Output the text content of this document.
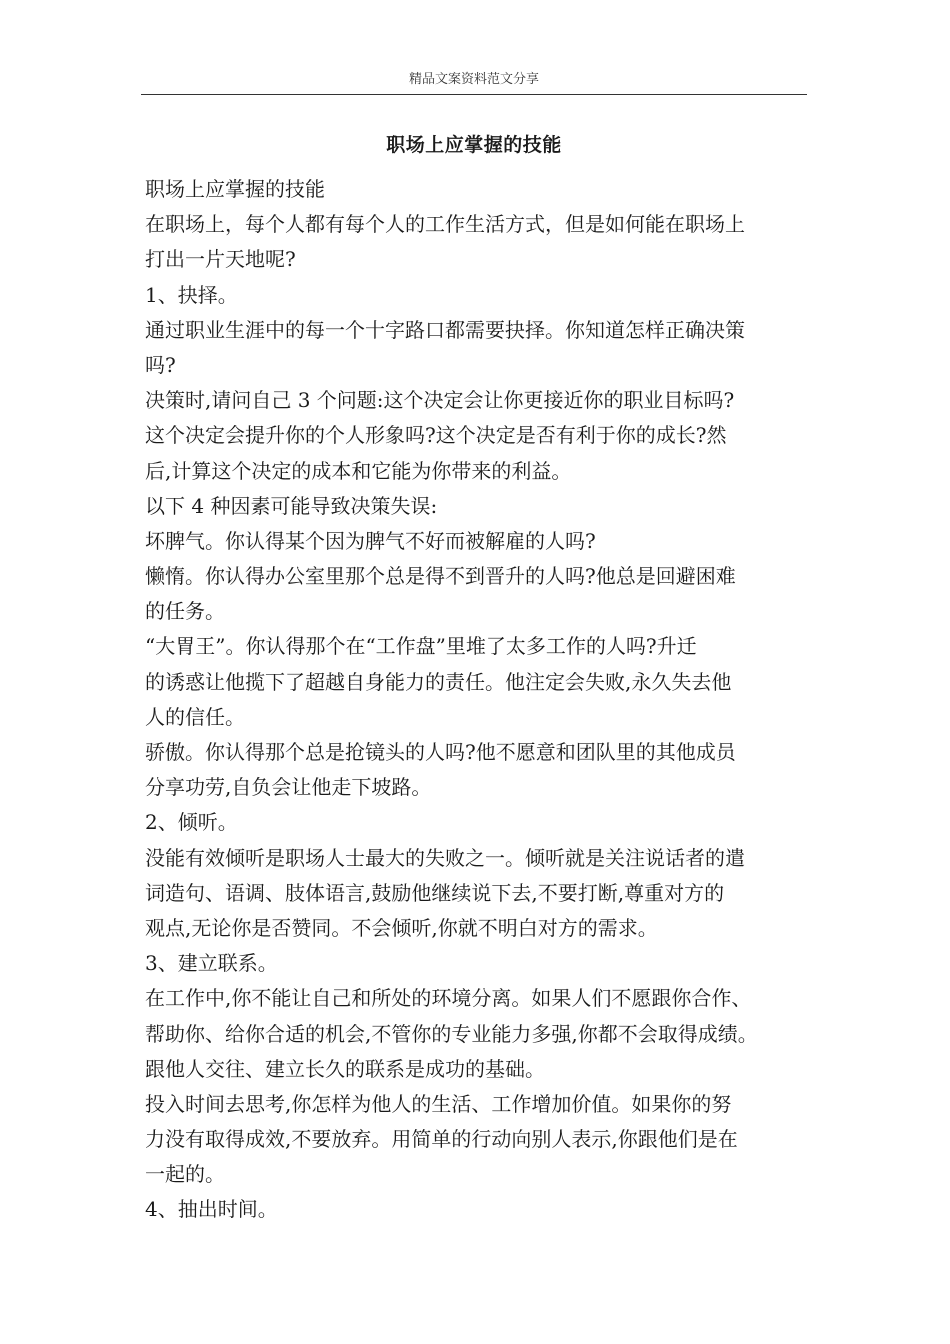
精品文案资料范文分享
职场上应掌握的技能
职场上应掌握的技能
在职场上，每个人都有每个人的工作生活方式，但是如何能在职场上
打出一片天地呢?
1、抉择。
通过职业生涯中的每一个十字路口都需要抉择。你知道怎样正确决策
吗?
决策时,请问自己 3 个问题:这个决定会让你更接近你的职业目标吗?
这个决定会提升你的个人形象吗?这个决定是否有利于你的成长?然
后,计算这个决定的成本和它能为你带来的利益。
以下 4 种因素可能导致决策失误:
坏脾气。你认得某个因为脾气不好而被解雇的人吗?
懒惰。你认得办公室里那个总是得不到晋升的人吗?他总是回避困难
的任务。
“大胃王”。你认得那个在“工作盘”里堆了太多工作的人吗?升迁
的诱惑让他揽下了超越自身能力的责任。他注定会失败,永久失去他
人的信任。
骄傲。你认得那个总是抢镜头的人吗?他不愿意和团队里的其他成员
分享功劳,自负会让他走下坡路。
2、倾听。
没能有效倾听是职场人士最大的失败之一。倾听就是关注说话者的遣
词造句、语调、肢体语言,鼓励他继续说下去,不要打断,尊重对方的
观点,无论你是否赞同。不会倾听,你就不明白对方的需求。
3、建立联系。
在工作中,你不能让自己和所处的环境分离。如果人们不愿跟你合作、
帮助你、给你合适的机会,不管你的专业能力多强,你都不会取得成绩。
跟他人交往、建立长久的联系是成功的基础。
投入时间去思考,你怎样为他人的生活、工作增加价值。如果你的努
力没有取得成效,不要放弃。用简单的行动向别人表示,你跟他们是在
一起的。
4、抽出时间。
